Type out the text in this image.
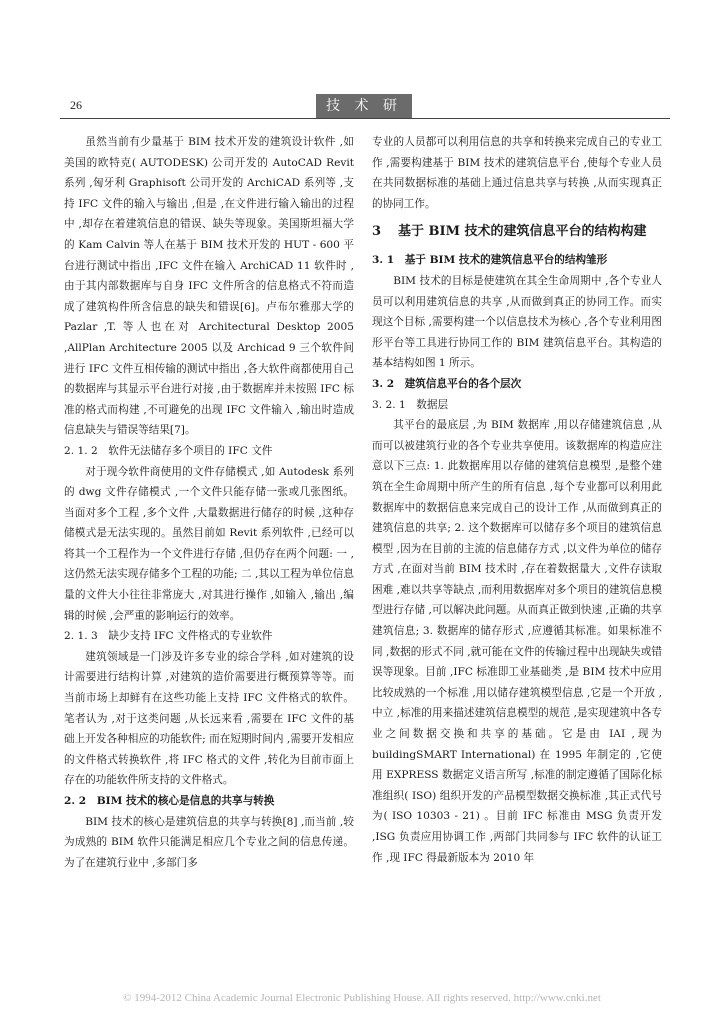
26	技 术 研 究

虽然当前有少量基于 BIM 技术开发的建筑设计软件 ,如美国的欧特克( AUTODESK) 公司开发的 AutoCAD Revit 系列 ,匈牙利 Graphisoft 公司开发的 ArchiCAD 系列等 ,支持 IFC 文件的输入与输出 ,但是 ,在文件进行输入输出的过程中 ,却存在着建筑信息的错误、缺失等现象。美国斯坦福大学的 Kam Calvin 等人在基于 BIM 技术开发的 HUT - 600 平台进行测试中指出 ,IFC 文件在输入 ArchiCAD 11 软件时 ,由于其内部数据库与自身 IFC 文件所含的信息格式不符而造成了建筑构件所含信息的缺失和错误[6]。卢布尔雅那大学的 Pazlar ,T. 等人也在对 Architectural Desktop 2005 ,AllPlan Architecture 2005 以及 Archicad 9 三个软件间进行 IFC 文件互相传输的测试中指出 ,各大软件商都使用自己的数据库与其显示平台进行对接 ,由于数据库并未按照 IFC 标准的格式而构建 ,不可避免的出现 IFC 文件输入 ,输出时造成信息缺失与错误等结果[7]。

2. 1. 2　软件无法储存多个项目的 IFC 文件

对于现今软件商使用的文件存储模式 ,如 Autodesk 系列的 dwg 文件存储模式 ,一个文件只能存储一张或几张图纸。当面对多个工程 ,多个文件 ,大量数据进行储存的时候 ,这种存储模式是无法实现的。虽然目前如 Revit 系列软件 ,已经可以将其一个工程作为一个文件进行存储 ,但仍存在两个问题: 一 ,这仍然无法实现存储多个工程的功能; 二 ,其以工程为单位信息量的文件大小往往非常庞大 ,对其进行操作 ,如输入 ,输出 ,编辑的时候 ,会严重的影响运行的效率。

2. 1. 3　缺少支持 IFC 文件格式的专业软件

建筑领域是一门涉及许多专业的综合学科 ,如对建筑的设计需要进行结构计算 ,对建筑的造价需要进行概预算等等。而当前市场上却鲜有在这些功能上支持 IFC 文件格式的软件。笔者认为 ,对于这类问题 ,从长远来看 ,需要在 IFC 文件的基础上开发各种相应的功能软件; 而在短期时间内 ,需要开发相应的文件格式转换软件 ,将 IFC 格式的文件 ,转化为目前市面上存在的功能软件所支持的文件格式。

2. 2　BIM 技术的核心是信息的共享与转换

BIM 技术的核心是建筑信息的共享与转换[8] ,而当前 ,较为成熟的 BIM 软件只能满足相应几个专业之间的信息传递。为了在建筑行业中 ,多部门多

专业的人员都可以利用信息的共享和转换来完成自己的专业工作 ,需要构建基于 BIM 技术的建筑信息平台 ,使每个专业人员在共同数据标准的基础上通过信息共享与转换 ,从而实现真正的协同工作。

3 基于 BIM 技术的建筑信息平台的结构构建

3. 1　基于 BIM 技术的建筑信息平台的结构雏形

BIM 技术的目标是使建筑在其全生命周期中 ,各个专业人员可以利用建筑信息的共享 ,从而做到真正的协同工作。而实现这个目标 ,需要构建一个以信息技术为核心 ,各个专业利用图形平台等工具进行协同工作的 BIM 建筑信息平台。其构造的基本结构如图 1 所示。

3. 2　建筑信息平台的各个层次

3. 2. 1　数据层

其平台的最底层 ,为 BIM 数据库 ,用以存储建筑信息 ,从而可以被建筑行业的各个专业共享使用。该数据库的构造应注意以下三点: 1. 此数据库用以存储的建筑信息模型 ,是整个建筑在全生命周期中所产生的所有信息 ,每个专业都可以利用此数据库中的数据信息来完成自己的设计工作 ,从而做到真正的建筑信息的共享; 2. 这个数据库可以储存多个项目的建筑信息模型 ,因为在目前的主流的信息储存方式 ,以文件为单位的储存方式 ,在面对当前 BIM 技术时 ,存在着数据量大 ,文件存读取困难 ,难以共享等缺点 ,而利用数据库对多个项目的建筑信息模型进行存储 ,可以解决此问题。从而真正做到快速 ,正确的共享建筑信息; 3. 数据库的储存形式 ,应遵循其标准。如果标准不同 ,数据的形式不同 ,就可能在文件的传输过程中出现缺失或错误等现象。目前 ,IFC 标准即工业基础类 ,是 BIM 技术中应用比较成熟的一个标准 ,用以储存建筑模型信息 ,它是一个开放 ,中立 ,标准的用来描述建筑信息模型的规范 ,是实现建筑中各专业之间数据交换和共享的基础。它是由 IAI ,现为 buildingSMART International) 在 1995 年制定的 ,它使用 EXPRESS 数据定义语言所写 ,标准的制定遵循了国际化标准组织( ISO) 组织开发的产品模型数据交换标准 ,其正式代号为( ISO 10303 - 21) 。目前 IFC 标准由 MSG 负责开发 ,ISG 负责应用协调工作 ,两部门共同参与 IFC 软件的认证工作 ,现 IFC 得最新版本为 2010 年

© 1994-2012 China Academic Journal Electronic Publishing House. All rights reserved. http://www.cnki.net
